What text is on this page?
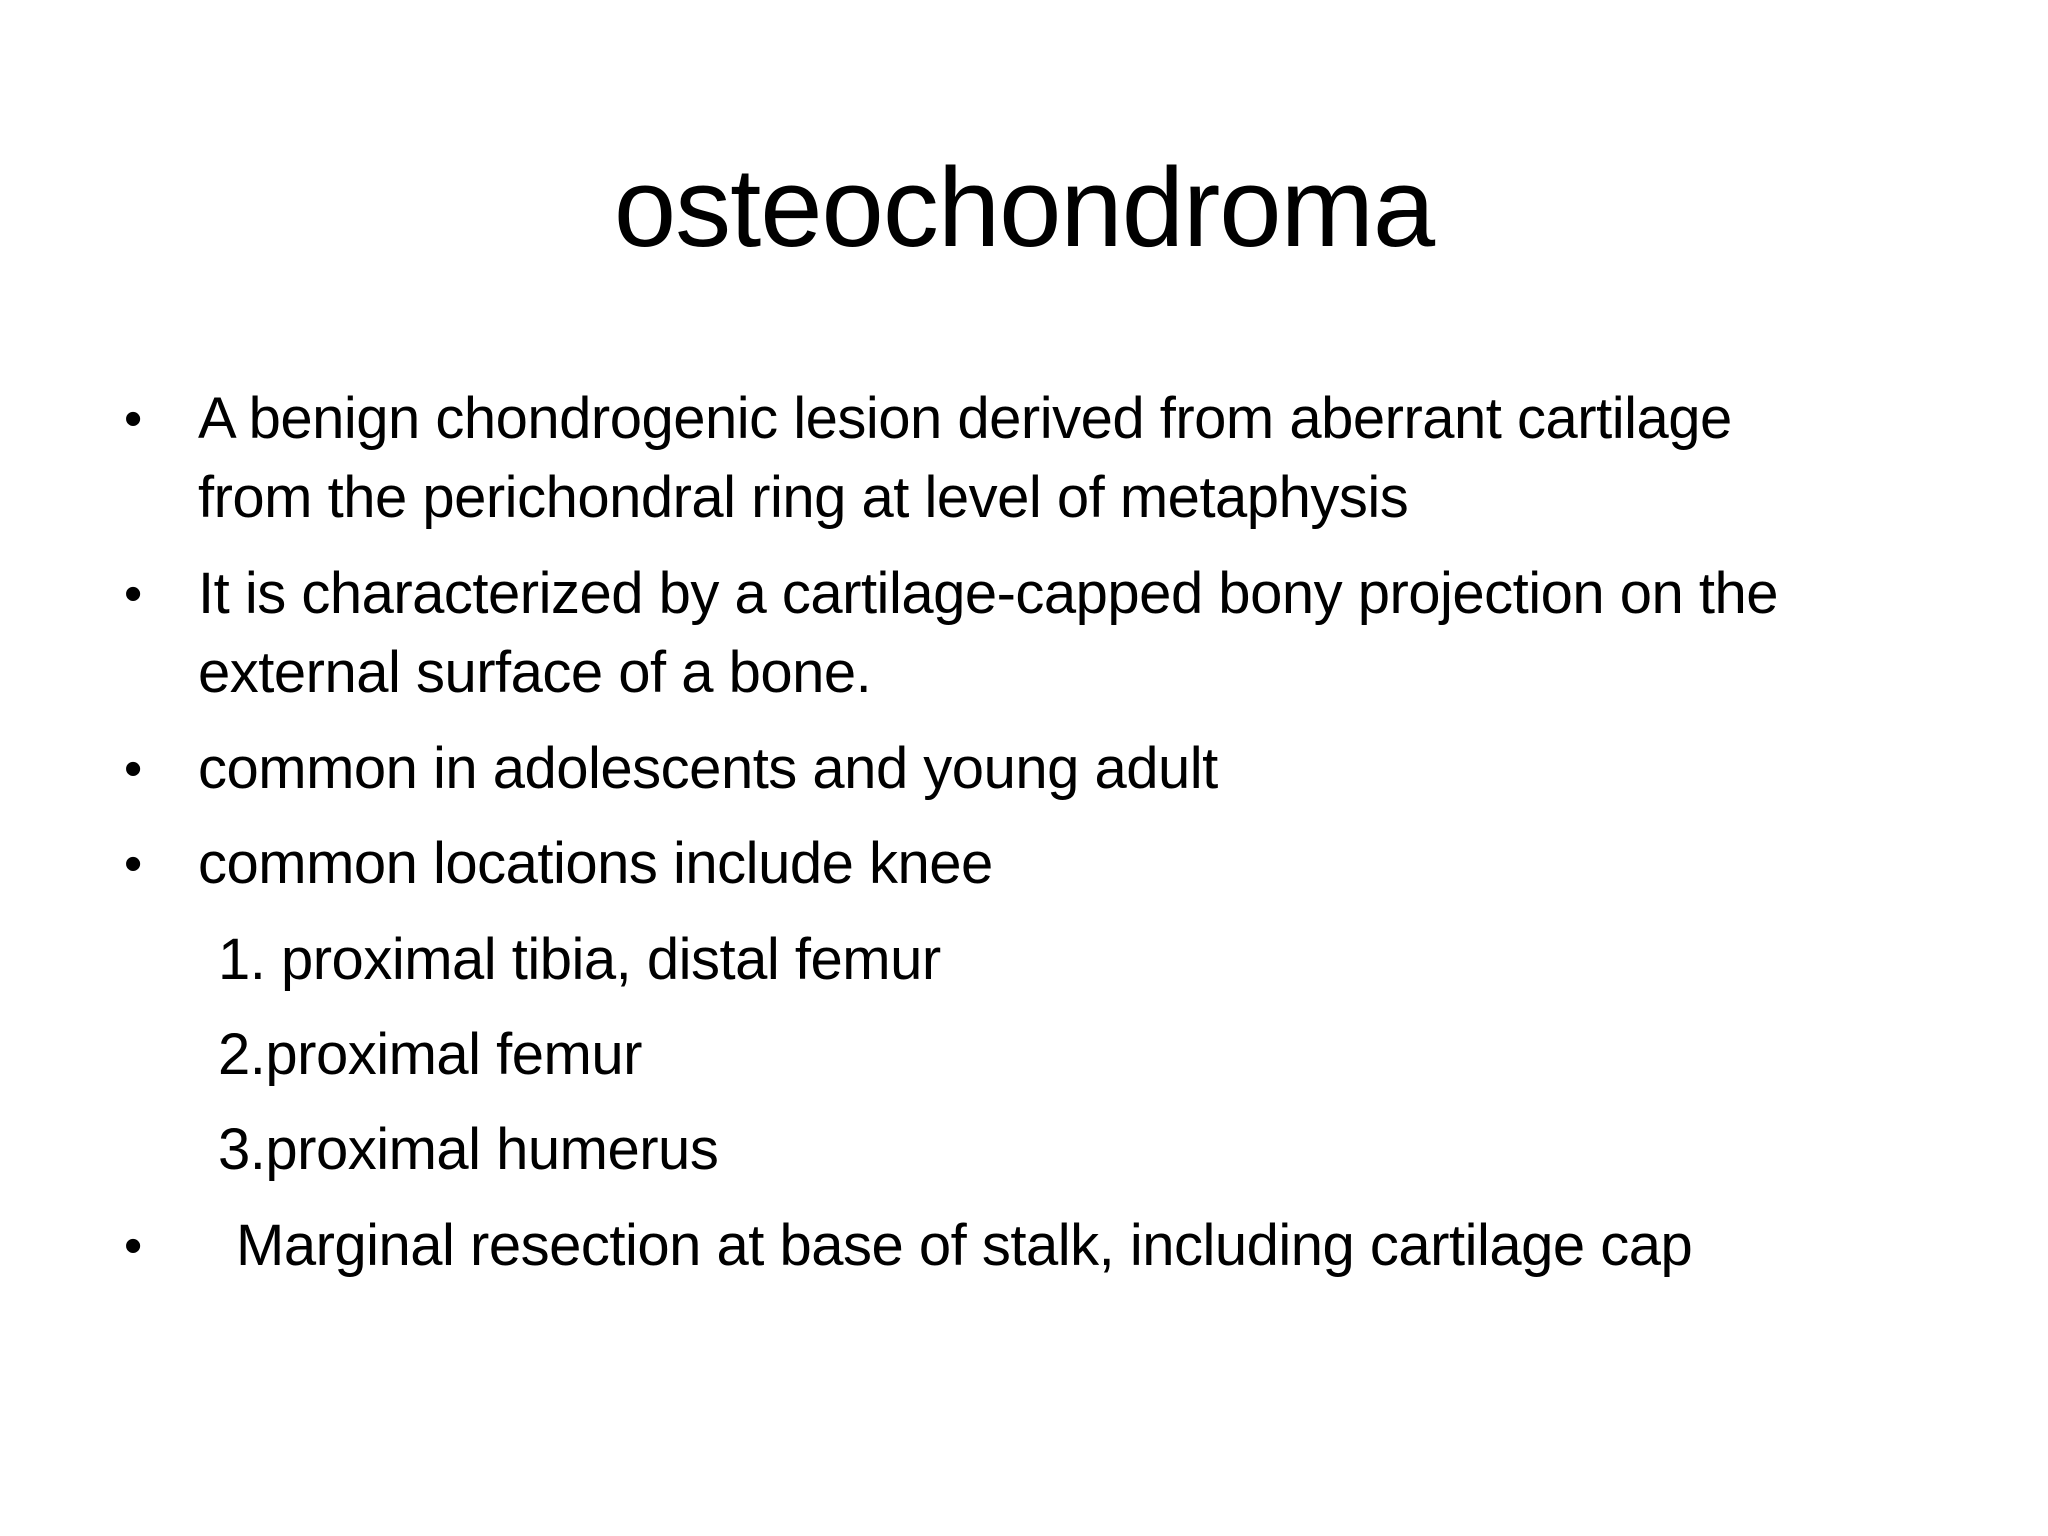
osteochondroma
• A benign chondrogenic lesion derived from aberrant cartilage
from the perichondral ring at level of metaphysis
• It is characterized by a cartilage-capped bony projection on the
external surface of a bone.
• common in adolescents and young adult
• common locations include knee
1. proximal tibia, distal femur
2.proximal femur
3.proximal humerus
• Marginal resection at base of stalk, including cartilage cap
